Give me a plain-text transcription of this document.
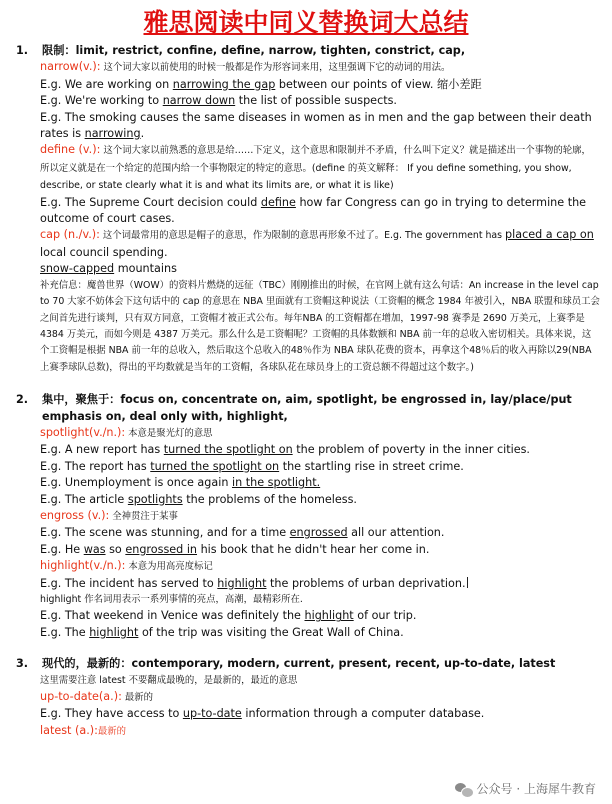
雅思阅读中同义替换词大总结
1.	限制：limit, restrict, confine, define, narrow, tighten, constrict, cap,
narrow(v.): 这个词大家以前使用的时候一般都是作为形容词来用，这里强调下它的动词的用法。
E.g. We are working on narrowing the gap between our points of view. 缩小差距
E.g. We're working to narrow down the list of possible suspects.
E.g. The smoking causes the same diseases in women as in men and the gap between their death rates is narrowing.
define (v.): 这个词大家以前熟悉的意思是给……下定义，这个意思和限制并不矛盾，什么叫下定义？就是描述出一个事物的轮廓，所以定义就是在一个给定的范围内给一个事物限定的特定的意思。(define 的英文解释： If you define something, you show, describe, or state clearly what it is and what its limits are, or what it is like)
E.g. The Supreme Court decision could define how far Congress can go in trying to determine the outcome of court cases.
cap (n./v.): 这个词最常用的意思是帽子的意思，作为限制的意思再形象不过了。E.g. The government has placed a cap on local council spending.
snow-capped mountains
补充信息：魔兽世界（WOW）的资料片燃烧的远征（TBC）刚刚推出的时候，在官网上就有这么句话：An increase in the level cap to 70 大家不妨体会下这句话中的 cap 的意思在 NBA 里面就有工资帽这种说法（工资帽的概念 1984 年被引入，NBA 联盟和球员工会之间首先进行谈判，只有双方同意，工资帽才被正式公布。每年NBA 的工资帽都在增加，1997-98 赛季是 2690 万美元，上赛季是 4384 万美元，而如今则是 4387 万美元。那么什么是工资帽呢？工资帽的具体数额和 NBA 前一年的总收入密切相关。具体来说，这个工资帽是根据 NBA 前一年的总收入，然后取这个总收入的48％作为 NBA 球队花费的资本，再拿这个48％后的收入再除以29(NBA上赛季球队总数)，得出的平均数就是当年的工资帽，各球队花在球员身上的工资总额不得超过这个数字。)
2.	集中，聚焦于：focus on, concentrate on, aim, spotlight, be engrossed in, lay/place/put emphasis on, deal only with, highlight,
spotlight(v./n.): 本意是聚光灯的意思
E.g. A new report has turned the spotlight on the problem of poverty in the inner cities.
E.g. The report has turned the spotlight on the startling rise in street crime.
E.g. Unemployment is once again in the spotlight.
E.g. The article spotlights the problems of the homeless.
engross (v.): 全神贯注于某事
E.g. The scene was stunning, and for a time engrossed all our attention.
E.g. He was so engrossed in his book that he didn't hear her come in.
highlight(v./n.): 本意为用高亮度标记
E.g. The incident has served to highlight the problems of urban deprivation.
highlight 作名词用表示一系列事情的亮点，高潮，最精彩所在.
E.g. That weekend in Venice was definitely the highlight of our trip.
E.g. The highlight of the trip was visiting the Great Wall of China.
3.	现代的，最新的：contemporary, modern, current, present, recent, up-to-date, latest
这里需要注意 latest 不要翻成最晚的，是最新的，最近的意思
up-to-date(a.): 最新的
E.g. They have access to up-to-date information through a computer database.
latest (a.):最新的
公众号 · 上海犀牛教育
